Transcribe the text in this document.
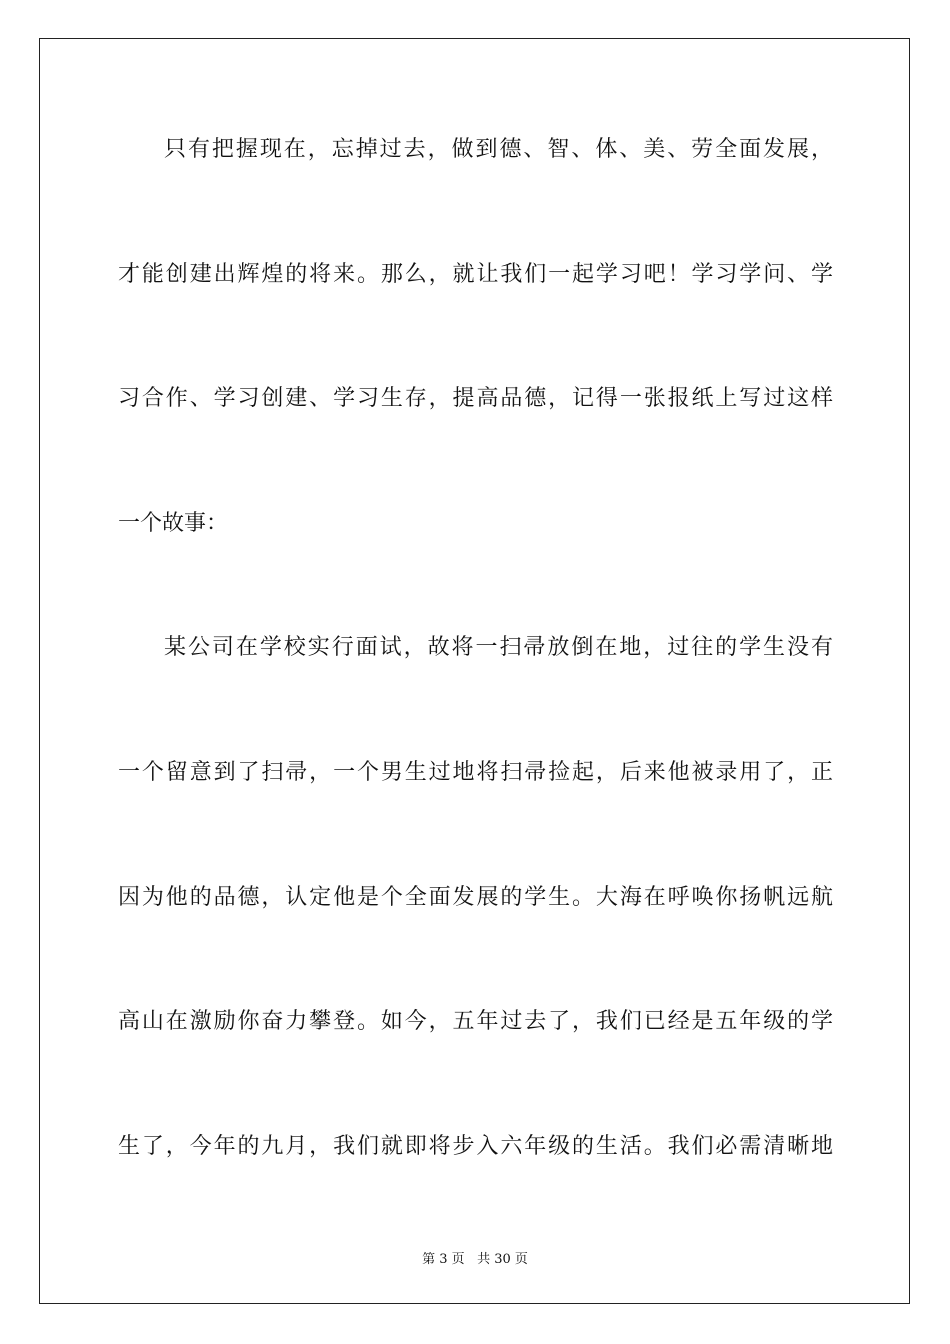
只有把握现在，忘掉过去，做到德、智、体、美、劳全面发展，
才能创建出辉煌的将来。那么，就让我们一起学习吧！学习学问、学
习合作、学习创建、学习生存，提高品德，记得一张报纸上写过这样
一个故事：
某公司在学校实行面试，故将一扫帚放倒在地，过往的学生没有
一个留意到了扫帚，一个男生过地将扫帚捡起，后来他被录用了，正
因为他的品德，认定他是个全面发展的学生。大海在呼唤你扬帆远航
高山在激励你奋力攀登。如今，五年过去了，我们已经是五年级的学
生了，今年的九月，我们就即将步入六年级的生活。我们必需清晰地
第 3 页 共 30 页
